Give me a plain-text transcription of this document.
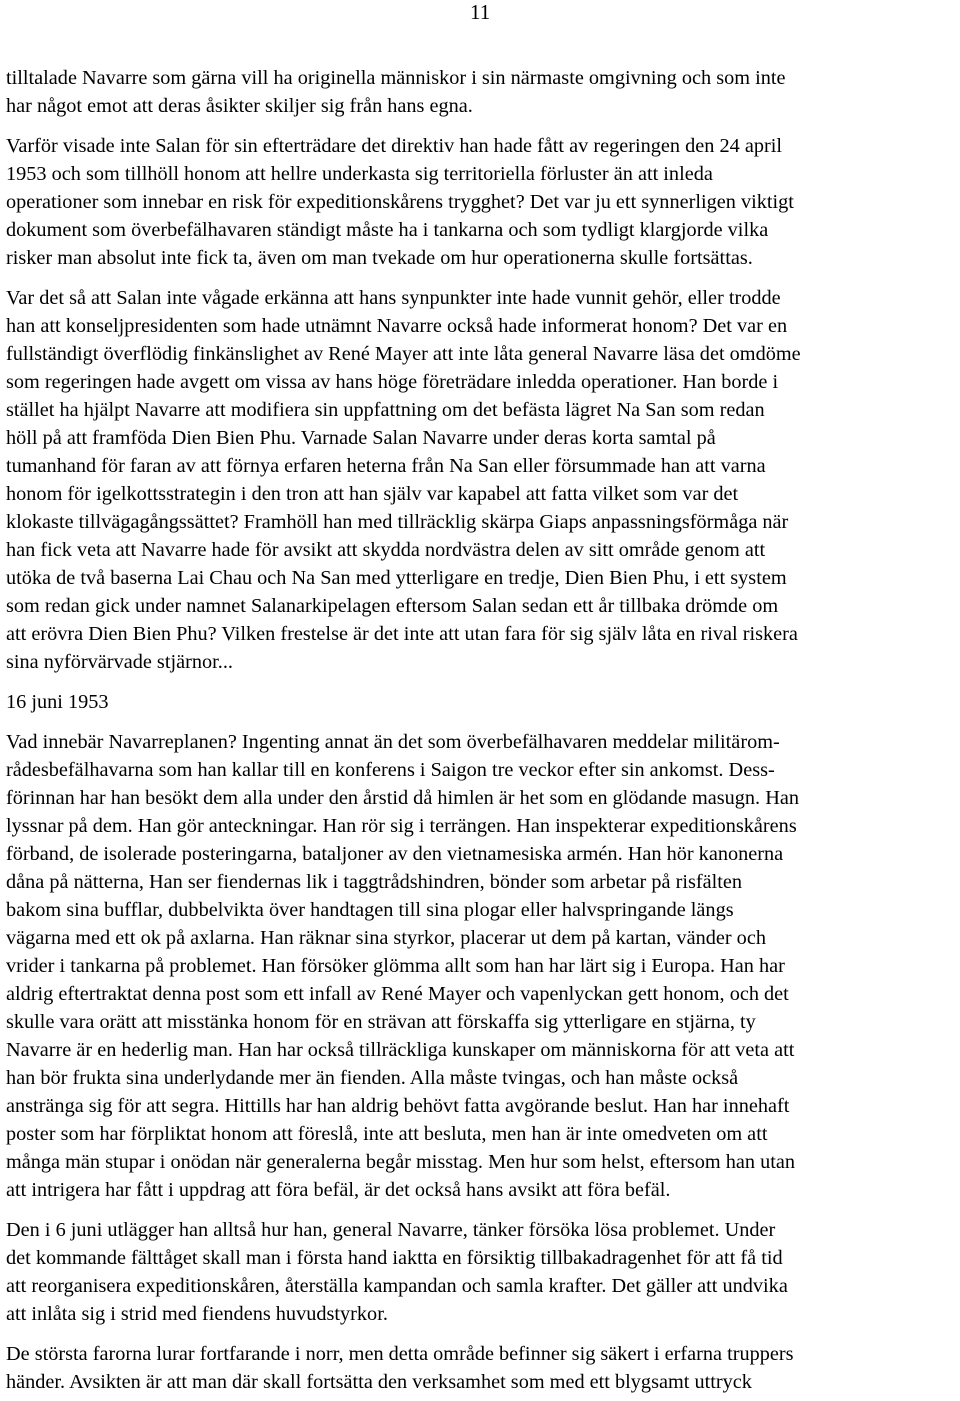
11

tilltalade Navarre som gärna vill ha originella människor i sin närmaste omgivning och som inte
har något emot att deras åsikter skiljer sig från hans egna.

Varför visade inte Salan för sin efterträdare det direktiv han hade fått av regeringen den 24 april
1953 och som tillhöll honom att hellre underkasta sig territoriella förluster än att inleda
operationer som innebar en risk för expeditionskårens trygghet? Det var ju ett synnerligen viktigt
dokument som överbefälhavaren ständigt måste ha i tankarna och som tydligt klargjorde vilka
risker man absolut inte fick ta, även om man tvekade om hur operationerna skulle fortsättas.

Var det så att Salan inte vågade erkänna att hans synpunkter inte hade vunnit gehör, eller trodde
han att konseljpresidenten som hade utnämnt Navarre också hade informerat honom? Det var en
fullständigt överflödig finkänslighet av René Mayer att inte låta general Navarre läsa det omdöme
som regeringen hade avgett om vissa av hans höge företrädare inledda operationer. Han borde i
stället ha hjälpt Navarre att modifiera sin uppfattning om det befästa lägret Na San som redan
höll på att framföda Dien Bien Phu. Varnade Salan Navarre under deras korta samtal på
tumanhand för faran av att förnya erfaren heterna från Na San eller försummade han att varna
honom för igelkottsstrategin i den tron att han själv var kapabel att fatta vilket som var det
klokaste tillvägagångssättet? Framhöll han med tillräcklig skärpa Giaps anpassningsförmåga när
han fick veta att Navarre hade för avsikt att skydda nordvästra delen av sitt område genom att
utöka de två baserna Lai Chau och Na San med ytterligare en tredje, Dien Bien Phu, i ett system
som redan gick under namnet Salanarkipelagen eftersom Salan sedan ett år tillbaka drömde om
att erövra Dien Bien Phu? Vilken frestelse är det inte att utan fara för sig själv låta en rival riskera
sina nyförvärvade stjärnor...

16 juni 1953

Vad innebär Navarreplanen? Ingenting annat än det som överbefälhavaren meddelar militärom-
rådesbefälhavarna som han kallar till en konferens i Saigon tre veckor efter sin ankomst. Dess-
förinnan har han besökt dem alla under den årstid då himlen är het som en glödande masugn. Han
lyssnar på dem. Han gör anteckningar. Han rör sig i terrängen. Han inspekterar expeditionskårens
förband, de isolerade posteringarna, bataljoner av den vietnamesiska armén. Han hör kanonerna
dåna på nätterna, Han ser fiendernas lik i taggtrådshindren, bönder som arbetar på risfälten
bakom sina bufflar, dubbelvikta över handtagen till sina plogar eller halvspringande längs
vägarna med ett ok på axlarna. Han räknar sina styrkor, placerar ut dem på kartan, vänder och
vrider i tankarna på problemet. Han försöker glömma allt som han har lärt sig i Europa. Han har
aldrig eftertraktat denna post som ett infall av René Mayer och vapenlyckan gett honom, och det
skulle vara orätt att misstänka honom för en strävan att förskaffa sig ytterligare en stjärna, ty
Navarre är en hederlig man. Han har också tillräckliga kunskaper om människorna för att veta att
han bör frukta sina underlydande mer än fienden. Alla måste tvingas, och han måste också
anstränga sig för att segra. Hittills har han aldrig behövt fatta avgörande beslut. Han har innehaft
poster som har förpliktat honom att föreslå, inte att besluta, men han är inte omedveten om att
många män stupar i onödan när generalerna begår misstag. Men hur som helst, eftersom han utan
att intrigera har fått i uppdrag att föra befäl, är det också hans avsikt att föra befäl.

Den i 6 juni utlägger han alltså hur han, general Navarre, tänker försöka lösa problemet. Under
det kommande fälttåget skall man i första hand iaktta en försiktig tillbakadragenhet för att få tid
att reorganisera expeditionskåren, återställa kampandan och samla krafter. Det gäller att undvika
att inlåta sig i strid med fiendens huvudstyrkor.

De största farorna lurar fortfarande i norr, men detta område befinner sig säkert i erfarna truppers
händer. Avsikten är att man där skall fortsätta den verksamhet som med ett blygsamt uttryck
